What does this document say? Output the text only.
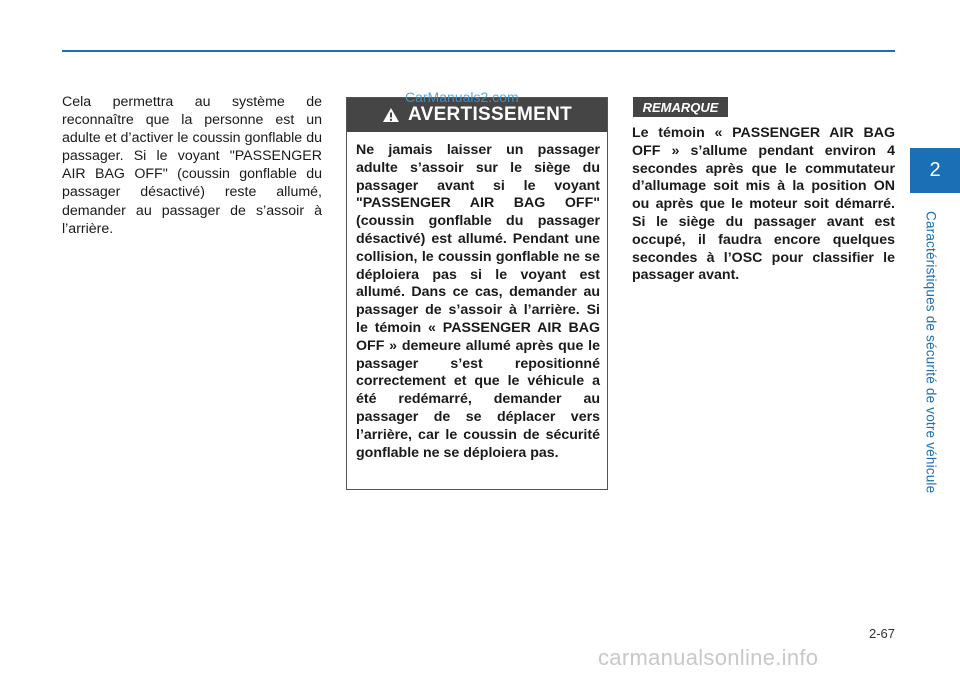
Cela permettra au système de reconnaître que la personne est un adulte et d’activer le coussin gonflable du passager. Si le voyant "PASSENGER AIR BAG OFF" (coussin gonflable du passager désactivé) reste allumé, demander au passager de s’assoir à l’arrière.
AVERTISSEMENT
Ne jamais laisser un passager adulte s’assoir sur le siège du passager avant si le voyant "PASSENGER AIR BAG OFF" (coussin gonflable du passager désactivé) est allumé. Pendant une collision, le coussin gonflable ne se déploiera pas si le voyant est allumé. Dans ce cas, demander au passager de s’assoir à l’arrière. Si le témoin « PASSENGER AIR BAG OFF » demeure allumé après que le passager s’est repositionné correctement et que le véhicule a été redémarré, demander au passager de se déplacer vers l’arrière, car le coussin de sécurité gonflable ne se déploiera pas.
CarManuals2.com
REMARQUE
Le témoin « PASSENGER AIR BAG OFF » s’allume pendant environ 4 secondes après que le commutateur d’allumage soit mis à la position ON ou après que le moteur soit démarré. Si le siège du passager avant est occupé, il faudra encore quelques secondes à l’OSC pour classifier le passager avant.
2
Caractéristiques de sécurité de votre véhicule
2-67
carmanualsonline.info
